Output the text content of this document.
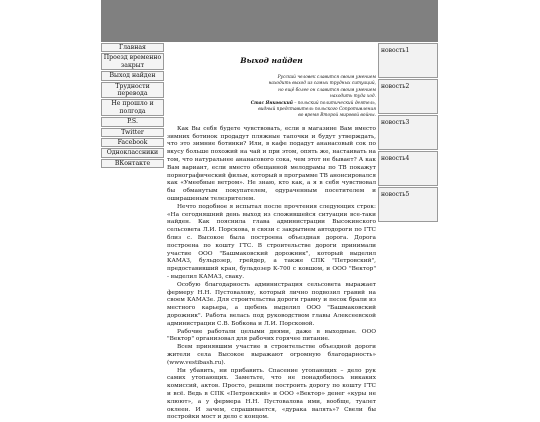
Главная
Проезд временно закрыт
Выход найден
Трудности перевода
Не прошло и полгода
P.S.
Twitter
Facebook
Одноклассники
ВКонтакте
Выход найден
Русский человек славится своим умением
находить выход из самых трудных ситуаций,
но ещё более он славится своим умением
находить туда ход.
Стас Янковский – польский политический деятель,
видный представитель польского Сопротивления
во время Второй мировой войны.

Как Вы себя будете чувствовать, если в магазине Вам вместо зимних ботинок продадут пляжные тапочки и будут утверждать, что это зимние ботинки? Или, в кафе подадут ананасовый сок по вкусу больше похожий на чай и при этом, опять же, настаивать на том, что натуральнее ананасового сока, чем этот не бывает? А как Вам вариант, если вместо обещанной мелодрамы по ТВ покажут порнографический фильм, который в программе ТВ анонсировался как «Умеебные ветром». Не знаю, кто как, а я в себя чувствовал бы обманутым покупателем, одураченным посетителем и оширашеным телезрителем.

Нечто подобное я испытал после прочтения следующих строк: «На сегодняшний день выход из сложившейся ситуации все-таки найден. Как пояснила глава администрации Высокинского сельсовета Л.И. Порскова, в связи с закрытием автодороги по ГТС близ с. Высокое была построена объездная дорога. Дорога построена по кошту ГТС. В строительстве дороги принимали участие ООО "Башмаковский дорожник", который выделил КАМАЗ, бульдозер, грейдер, а также СПК "Петровский", предоставивший кран, бульдозер К-700 с ковшом, и ООО "Вектор" - выделил КАМАЗ, сваку.

Особую благодарность администрация сельсовета выражает фермеру Н.Н. Пустовалову, который лично подвозил гравий на своем КАМАЗе. Для строительства дороги гравну и песок брали из местного карьера, а щебень выделил ООО "Башмаковский дорожник". Работа велась под руководством главы Алексеевской администрации С.В. Бобкова и Л.И. Порсковой.

Рабочие работали целыми днями, даже в выходные. ООО "Вектор" организовал для рабочих горячее питание.

Всем принявшим участие в строительстве объездной дороги жители села Высокое выражают огромную благодарность» (www.vestibash.ru).

Ни убавить, ни прибавить. Спасение утопающих – дело рук самих утопающих. Заметьте, что не понадобилось никаких комиссий, актов. Просто, решили построить дорогу по кошту ГТС и всё. Ведь в СПК «Петровский» и ООО «Вектор» денег «куры не клюют», а у фермера Н.Н. Пустовалова ими, вообще, туалет оклеен. И зачем, спрашивается, «дурака валять»? Свели бы постройки мост и дело с концом.

новость1
новость2
новость3
новость4
новость5
